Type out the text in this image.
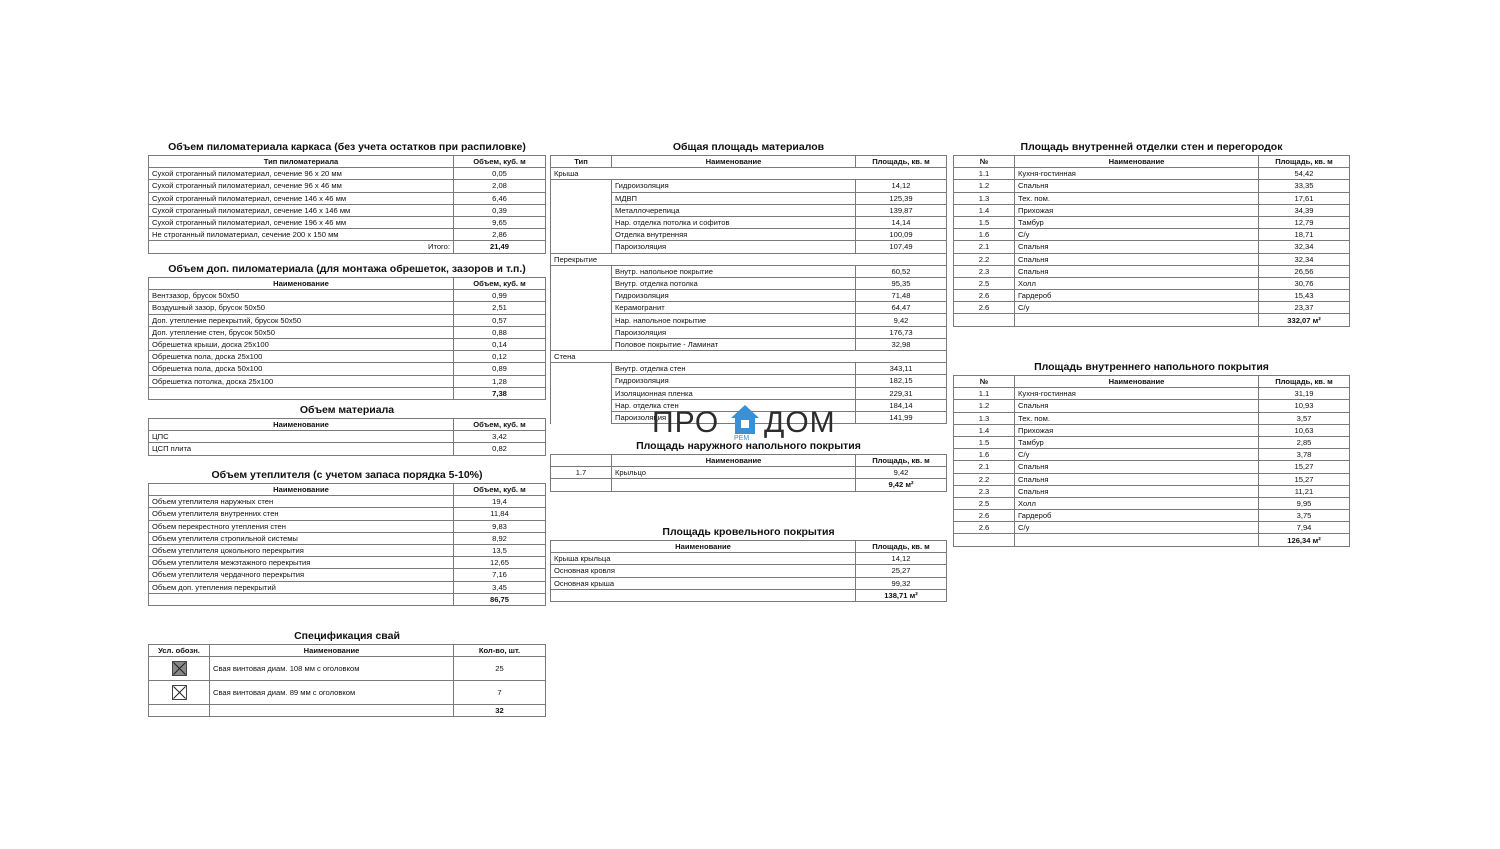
Объем пиломатериала каркаса (без учета остатков при распиловке)
Тип пиломатериала	Объем, куб. м
Сухой строганный пиломатериал, сечение 96 х 20 мм	0,05
Сухой строганный пиломатериал, сечение 96 х 46 мм	2,08
Сухой строганный пиломатериал, сечение 146 х 46 мм	6,46
Сухой строганный пиломатериал, сечение 146 х 146 мм	0,39
Сухой строганный пиломатериал, сечение 196 х 46 мм	9,65
Не строганный пиломатериал, сечение 200 х 150 мм	2,86
Итого:	21,49
Объем доп. пиломатериала (для монтажа обрешеток, зазоров и т.п.)
Наименование	Объем, куб. м
Вентзазор, брусок 50х50	0,99
Воздушный зазор, брусок 50х50	2,51
Доп. утепление перекрытий, брусок 50х50	0,57
Доп. утепление стен, брусок 50х50	0,88
Обрешетка крыши, доска 25х100	0,14
Обрешетка пола, доска 25х100	0,12
Обрешетка пола, доска 50х100	0,89
Обрешетка потолка, доска 25х100	1,28
	7,38
Объем материала
Наименование	Объем, куб. м
ЦПС	3,42
ЦСП плита	0,82
Объем утеплителя (с учетом запаса порядка 5-10%)
Наименование	Объем, куб. м
Объем утеплителя наружных стен	19,4
Объем утеплителя внутренних стен	11,84
Объем перекрестного утепления стен	9,83
Объем утеплителя стропильной системы	8,92
Объем утеплителя цокольного перекрытия	13,5
Объем утеплителя межэтажного перекрытия	12,65
Объем утеплителя чердачного перекрытия	7,16
Объем доп. утепления перекрытий	3,45
	86,75
Спецификация свай
Усл. обозн.	Наименование	Кол-во, шт.
	Свая винтовая диам. 108 мм с оголовком	25
	Свая винтовая диам. 89 мм с оголовком	7
		32
Общая площадь материалов
Тип	Наименование	Площадь, кв. м
Крыша		
	Гидроизоляция	14,12
	МДВП	125,39
	Металлочерепица	139,87
	Нар. отделка потолка и софитов	14,14
	Отделка внутренняя	100,09
	Пароизоляция	107,49
Перекрытие		
	Внутр. напольное покрытие	60,52
	Внутр. отделка потолка	95,35
	Гидроизоляция	71,48
	Керамогранит	64,47
	Нар. напольное покрытие	9,42
	Пароизоляция	176,73
	Половое покрытие - Ламинат	32,98
Стена		
	Внутр. отделка стен	343,11
	Гидроизоляция	182,15
	Изоляционная пленка	229,31
	Нар. отделка стен	184,14
	Пароизоляция	141,99
ПРО ДОМ
PEM
Площадь наружного напольного покрытия
	Наименование	Площадь, кв. м
1.7	Крыльцо	9,42
		9,42 м²
Площадь кровельного покрытия
Наименование	Площадь, кв. м
Крыша крыльца	14,12
Основная кровля	25,27
Основная крыша	99,32
	138,71 м²
Площадь внутренней отделки стен и перегородок
№	Наименование	Площадь, кв. м
1.1	Кухня-гостинная	54,42
1.2	Спальня	33,35
1.3	Тех. пом.	17,61
1.4	Прихожая	34,39
1.5	Тамбур	12,79
1.6	С/у	18,71
2.1	Спальня	32,34
2.2	Спальня	32,34
2.3	Спальня	26,56
2.5	Холл	30,76
2.6	Гардероб	15,43
2.6	С/у	23,37
		332,07 м²
Площадь внутреннего напольного покрытия
№	Наименование	Площадь, кв. м
1.1	Кухня-гостинная	31,19
1.2	Спальня	10,93
1.3	Тех. пом.	3,57
1.4	Прихожая	10,63
1.5	Тамбур	2,85
1.6	С/у	3,78
2.1	Спальня	15,27
2.2	Спальня	15,27
2.3	Спальня	11,21
2.5	Холл	9,95
2.6	Гардероб	3,75
2.6	С/у	7,94
		126,34 м²
